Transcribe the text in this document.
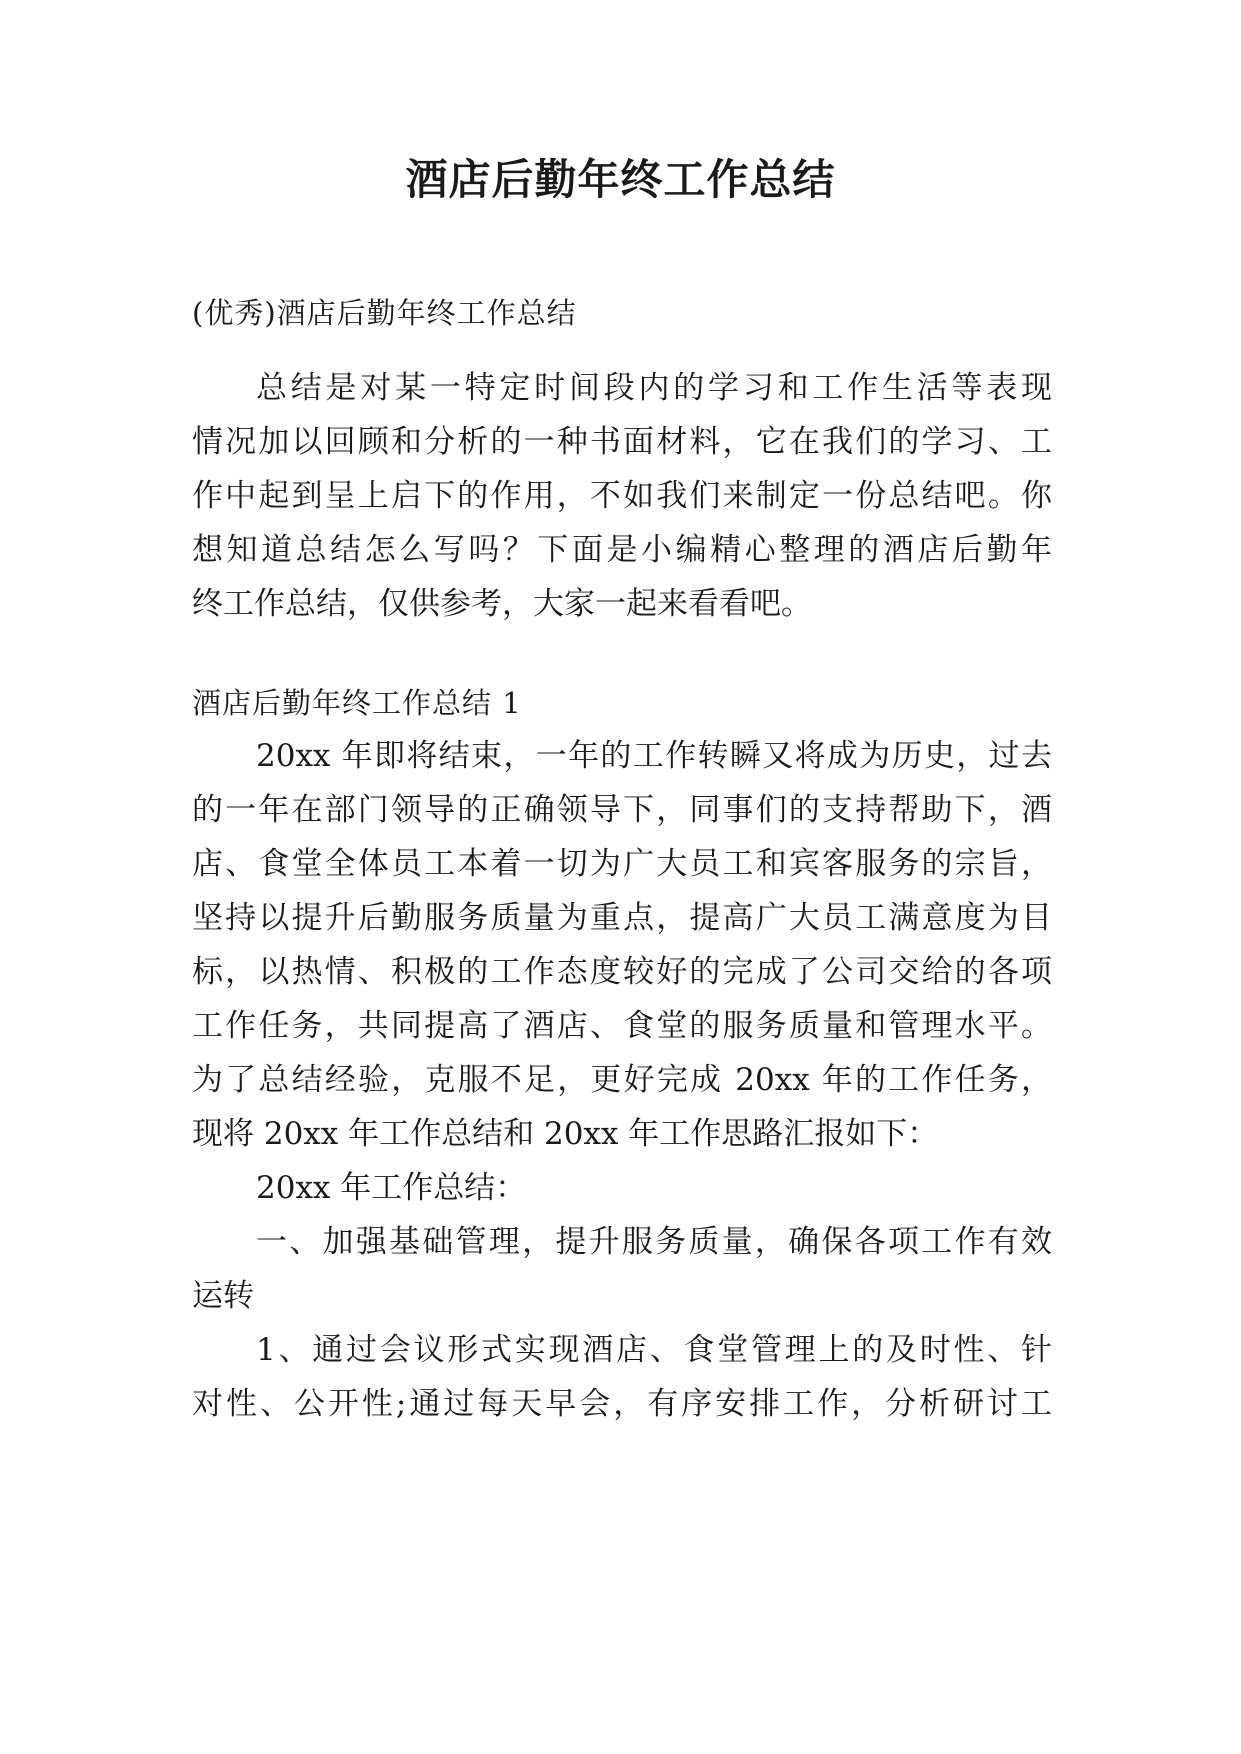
酒店后勤年终工作总结
(优秀)酒店后勤年终工作总结
总结是对某一特定时间段内的学习和工作生活等表现
情况加以回顾和分析的一种书面材料，它在我们的学习、工
作中起到呈上启下的作用，不如我们来制定一份总结吧。你
想知道总结怎么写吗？下面是小编精心整理的酒店后勤年
终工作总结，仅供参考，大家一起来看看吧。
酒店后勤年终工作总结 1
20xx 年即将结束，一年的工作转瞬又将成为历史，过去
的一年在部门领导的正确领导下，同事们的支持帮助下，酒
店、食堂全体员工本着一切为广大员工和宾客服务的宗旨，
坚持以提升后勤服务质量为重点，提高广大员工满意度为目
标，以热情、积极的工作态度较好的完成了公司交给的各项
工作任务，共同提高了酒店、食堂的服务质量和管理水平。
为了总结经验，克服不足，更好完成 20xx 年的工作任务，
现将 20xx 年工作总结和 20xx 年工作思路汇报如下：
20xx 年工作总结：
一、加强基础管理，提升服务质量，确保各项工作有效
运转
1、通过会议形式实现酒店、食堂管理上的及时性、针
对性、公开性;通过每天早会，有序安排工作，分析研讨工
